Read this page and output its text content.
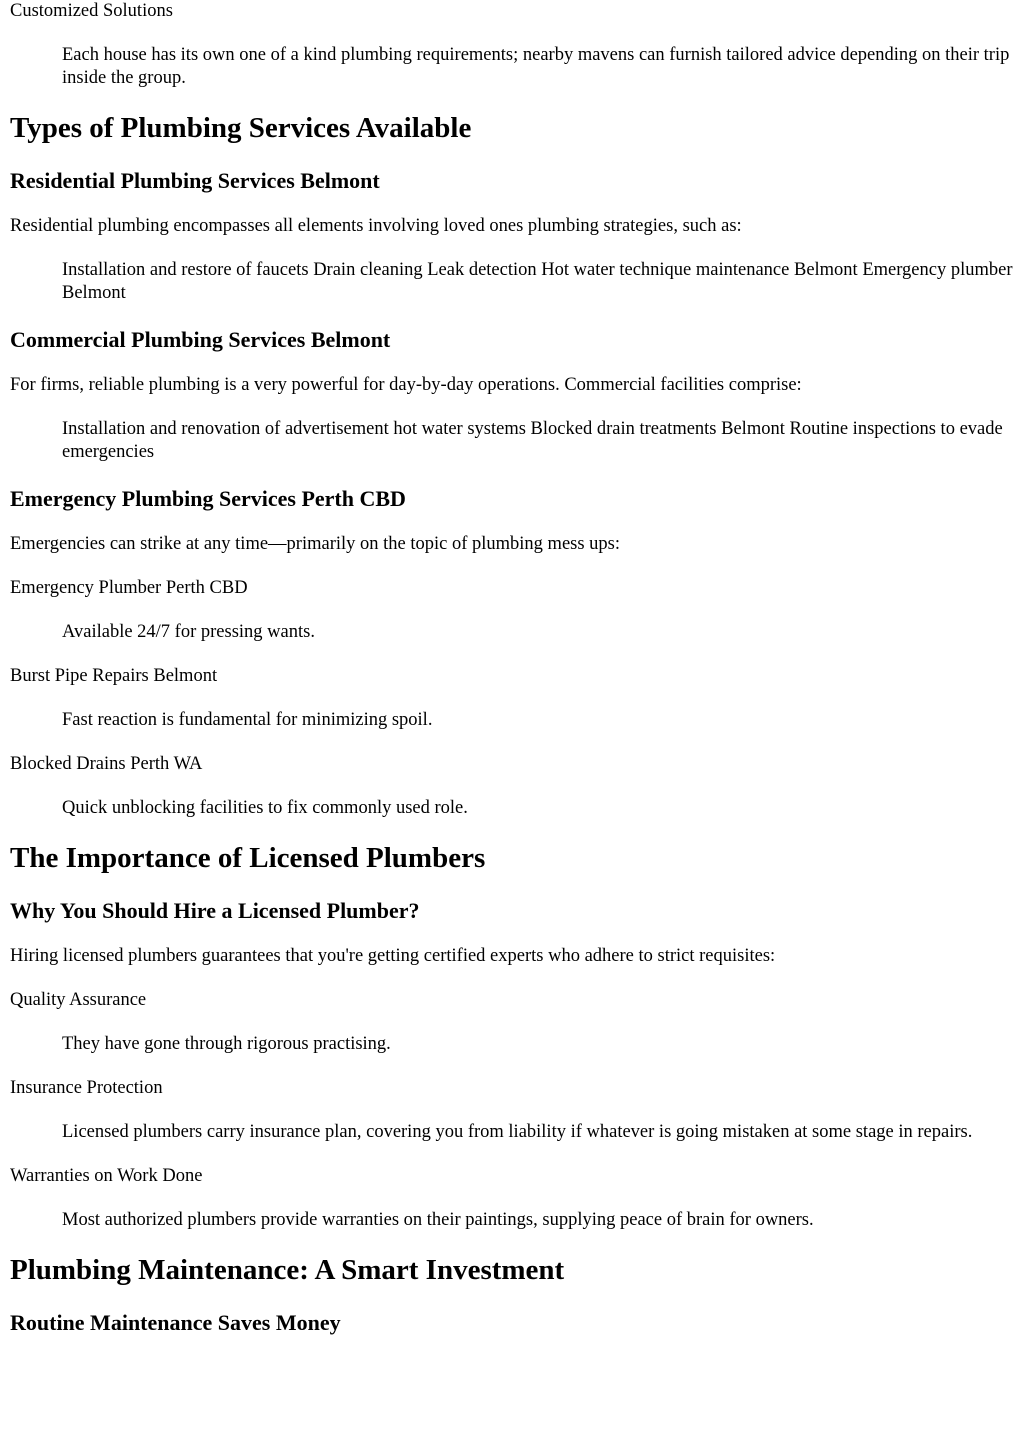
Customized Solutions
Each house has its own one of a kind plumbing requirements; nearby mavens can furnish tailored advice depending on their trip inside the group.
Types of Plumbing Services Available
Residential Plumbing Services Belmont

Residential plumbing encompasses all elements involving loved ones plumbing strategies, such as:

Installation and restore of faucets Drain cleaning Leak detection Hot water technique maintenance Belmont Emergency plumber Belmont
Commercial Plumbing Services Belmont

For firms, reliable plumbing is a very powerful for day-by-day operations. Commercial facilities comprise:

Installation and renovation of advertisement hot water systems Blocked drain treatments Belmont Routine inspections to evade emergencies
Emergency Plumbing Services Perth CBD

Emergencies can strike at any time—primarily on the topic of plumbing mess ups:

Emergency Plumber Perth CBD
Available 24/7 for pressing wants.
Burst Pipe Repairs Belmont
Fast reaction is fundamental for minimizing spoil.
Blocked Drains Perth WA
Quick unblocking facilities to fix commonly used role.
The Importance of Licensed Plumbers
Why You Should Hire a Licensed Plumber?

Hiring licensed plumbers guarantees that you're getting certified experts who adhere to strict requisites:

Quality Assurance
They have gone through rigorous practising.
Insurance Protection
Licensed plumbers carry insurance plan, covering you from liability if whatever is going mistaken at some stage in repairs.
Warranties on Work Done
Most authorized plumbers provide warranties on their paintings, supplying peace of brain for owners.
Plumbing Maintenance: A Smart Investment
Routine Maintenance Saves Money
